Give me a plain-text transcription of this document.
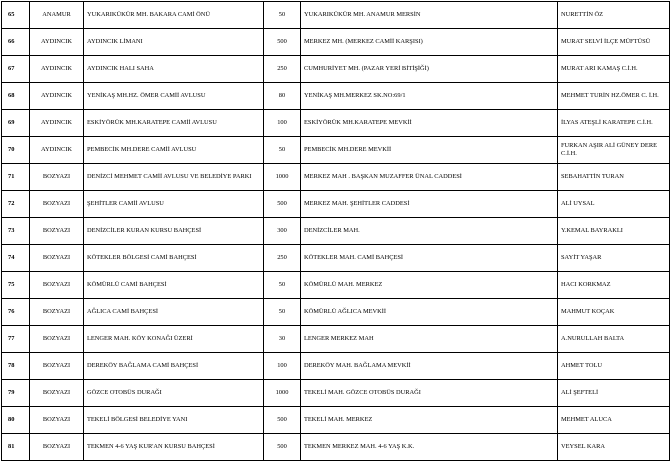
65	ANAMUR	YUKARIKÜKÜR MH. BAKARA CAMİ ÖNÜ	50	YUKARIKÜKÜR MH. ANAMUR MERSİN	NURETTİN ÖZ
66	AYDINCIK	AYDINCIK LİMANI	500	MERKEZ MH. (MERKEZ CAMİİ KARŞISI)	MURAT SELVİ İLÇE MÜFTÜSÜ
67	AYDINCIK	AYDINCIK HALI SAHA	250	CUMHURİYET MH. (PAZAR YERİ BİTİŞİĞİ)	MURAT ARI KAMAŞ C.İ.H.
68	AYDINCIK	YENİKAŞ MH.HZ. ÖMER CAMİİ AVLUSU	80	YENİKAŞ MH.MERKEZ SK.NO:69/1	MEHMET TURİN HZ.ÖMER C. İ.H.
69	AYDINCIK	ESKİYÖRÜK MH.KARATEPE CAMİİ AVLUSU	100	ESKİYÖRÜK MH.KARATEPE MEVKİİ	İLYAS ATEŞLİ KARATEPE C.İ.H.
70	AYDINCIK	PEMBECİK MH.DERE CAMİİ AVLUSU	50	PEMBECİK MH.DERE MEVKİİ	FURKAN AŞIR ALİ GÜNEY DERE C.İ.H.
71	BOZYAZI	DENİZCİ MEHMET CAMİİ AVLUSU VE BELEDİYE PARKI	1000	MERKEZ MAH . BAŞKAN MUZAFFER ÜNAL CADDESİ	SEBAHATTİN TURAN
72	BOZYAZI	ŞEHİTLER CAMİİ AVLUSU	500	MERKEZ MAH. ŞEHİTLER CADDESİ	ALİ UYSAL
73	BOZYAZI	DENİZCİLER KURAN KURSU BAHÇESİ	300	DENİZCİLER MAH.	Y.KEMAL BAYRAKLI
74	BOZYAZI	KÖTEKLER BÖLGESİ CAMİ BAHÇESİ	250	KÖTEKLER MAH. CAMİ BAHÇESİ	SAYİT YAŞAR
75	BOZYAZI	KÖMÜRLÜ CAMİ BAHÇESİ	50	KÖMÜRLÜ MAH. MERKEZ	HACI KORKMAZ
76	BOZYAZI	AĞLICA CAMİ BAHÇESİ	50	KÖMÜRLÜ AĞLICA MEVKİİ	MAHMUT KOÇAK
77	BOZYAZI	LENGER MAH. KÖY KONAĞI ÜZERİ	30	LENGER MERKEZ MAH	A.NURULLAH BALTA
78	BOZYAZI	DEREKÖY BAĞLAMA CAMİ BAHÇESİ	100	DEREKÖY MAH. BAĞLAMA MEVKİİ	AHMET TOLU
79	BOZYAZI	GÖZCE OTOBÜS DURAĞI	1000	TEKELİ MAH. GÖZCE OTOBÜS DURAĞI	ALİ ŞEFTELİ
80	BOZYAZI	TEKELİ BÖLGESİ BELEDİYE YANI	500	TEKELİ MAH. MERKEZ	MEHMET ALUCA
81	BOZYAZI	TEKMEN 4-6 YAŞ KUR'AN KURSU BAHÇESİ	500	TEKMEN MERKEZ MAH. 4-6 YAŞ K.K.	VEYSEL KARA
